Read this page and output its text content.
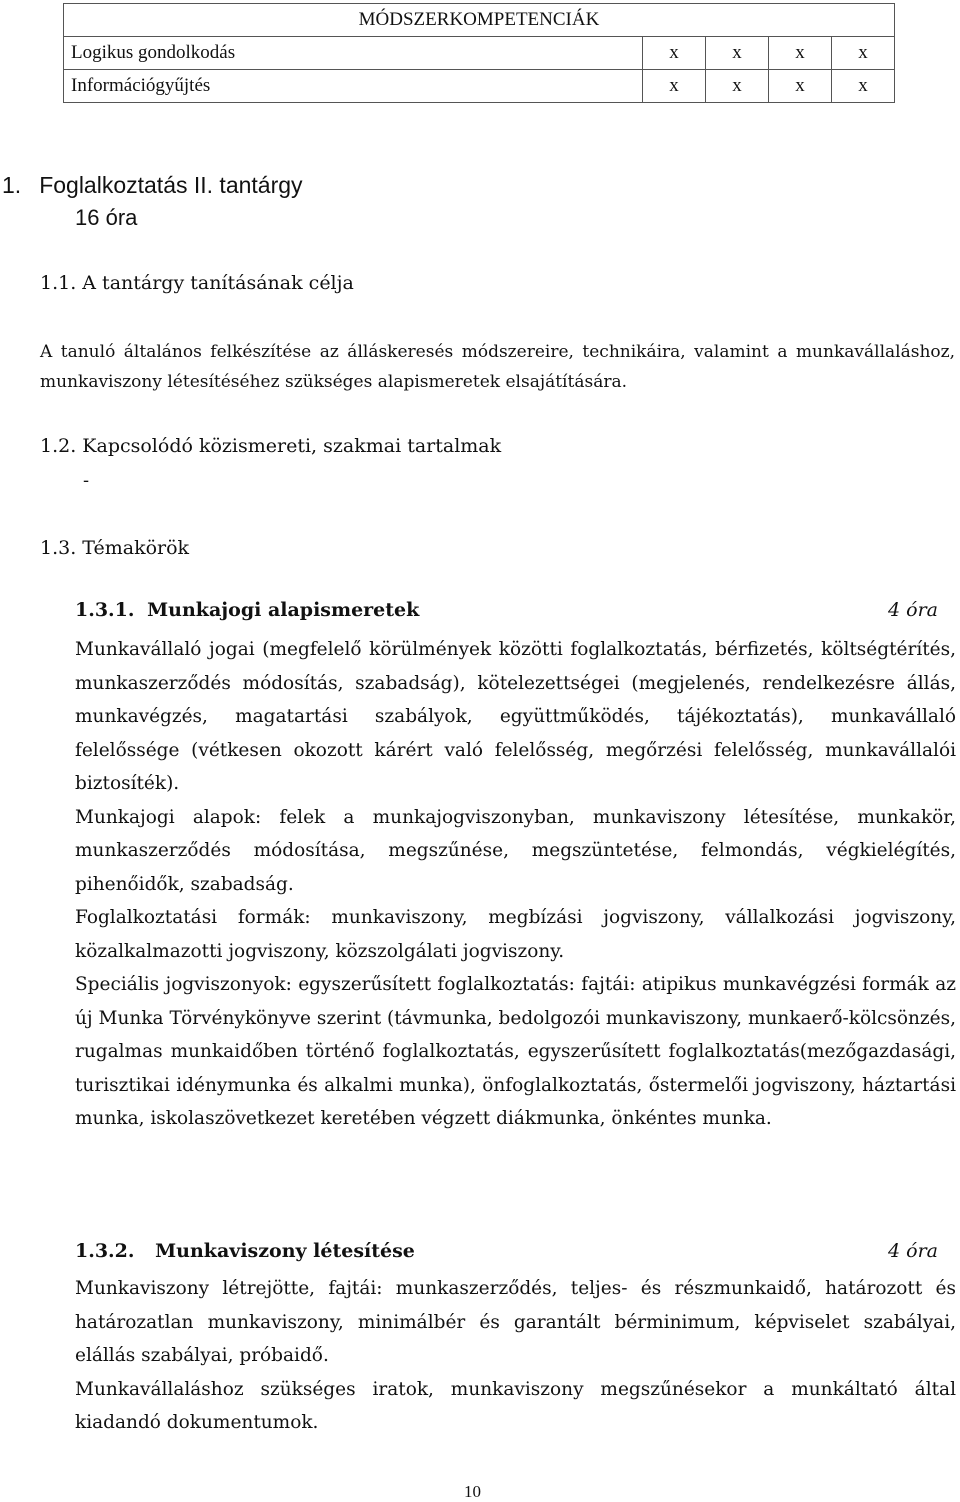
MÓDSZERKOMPETENCIÁK				
Logikus gondolkodás	x	x	x	x
Információgyűjtés	x	x	x	x
1. Foglalkoztatás II. tantárgy
16 óra
1.1. A tantárgy tanításának célja
A tanuló általános felkészítése az álláskeresés módszereire, technikáira, valamint a munkavállaláshoz, munkaviszony létesítéséhez szükséges alapismeretek elsajátítására.
1.2. Kapcsolódó közismereti, szakmai tartalmak
-
1.3. Témakörök
1.3.1. Munkajogi alapismeretek	4 óra

Munkavállaló jogai (megfelelő körülmények közötti foglalkoztatás, bérfizetés, költségtérítés, munkaszerződés módosítás, szabadság), kötelezettségei (megjelenés, rendelkezésre állás, munkavégzés, magatartási szabályok, együttműködés, tájékoztatás), munkavállaló felelőssége (vétkesen okozott kárért való felelősség, megőrzési felelősség, munkavállalói biztosíték).

Munkajogi alapok: felek a munkajogviszonyban, munkaviszony létesítése, munkakör, munkaszerződés módosítása, megszűnése, megszüntetése, felmondás, végkielégítés, pihenőidők, szabadság.

Foglalkoztatási formák: munkaviszony, megbízási jogviszony, vállalkozási jogviszony, közalkalmazotti jogviszony, közszolgálati jogviszony.

Speciális jogviszonyok: egyszerűsített foglalkoztatás: fajtái: atipikus munkavégzési formák az új Munka Törvénykönyve szerint (távmunka, bedolgozói munkaviszony, munkaerő-kölcsönzés, rugalmas munkaidőben történő foglalkoztatás, egyszerűsített foglalkoztatás(mezőgazdasági, turisztikai idénymunka és alkalmi munka), önfoglalkoztatás, őstermelői jogviszony, háztartási munka, iskolaszövetkezet keretében végzett diákmunka, önkéntes munka.

1.3.2. Munkaviszony létesítése	4 óra

Munkaviszony létrejötte, fajtái: munkaszerződés, teljes- és részmunkaidő, határozott és határozatlan munkaviszony, minimálbér és garantált bérminimum, képviselet szabályai, elállás szabályai, próbaidő.

Munkavállaláshoz szükséges iratok, munkaviszony megszűnésekor a munkáltató által kiadandó dokumentumok.

10
